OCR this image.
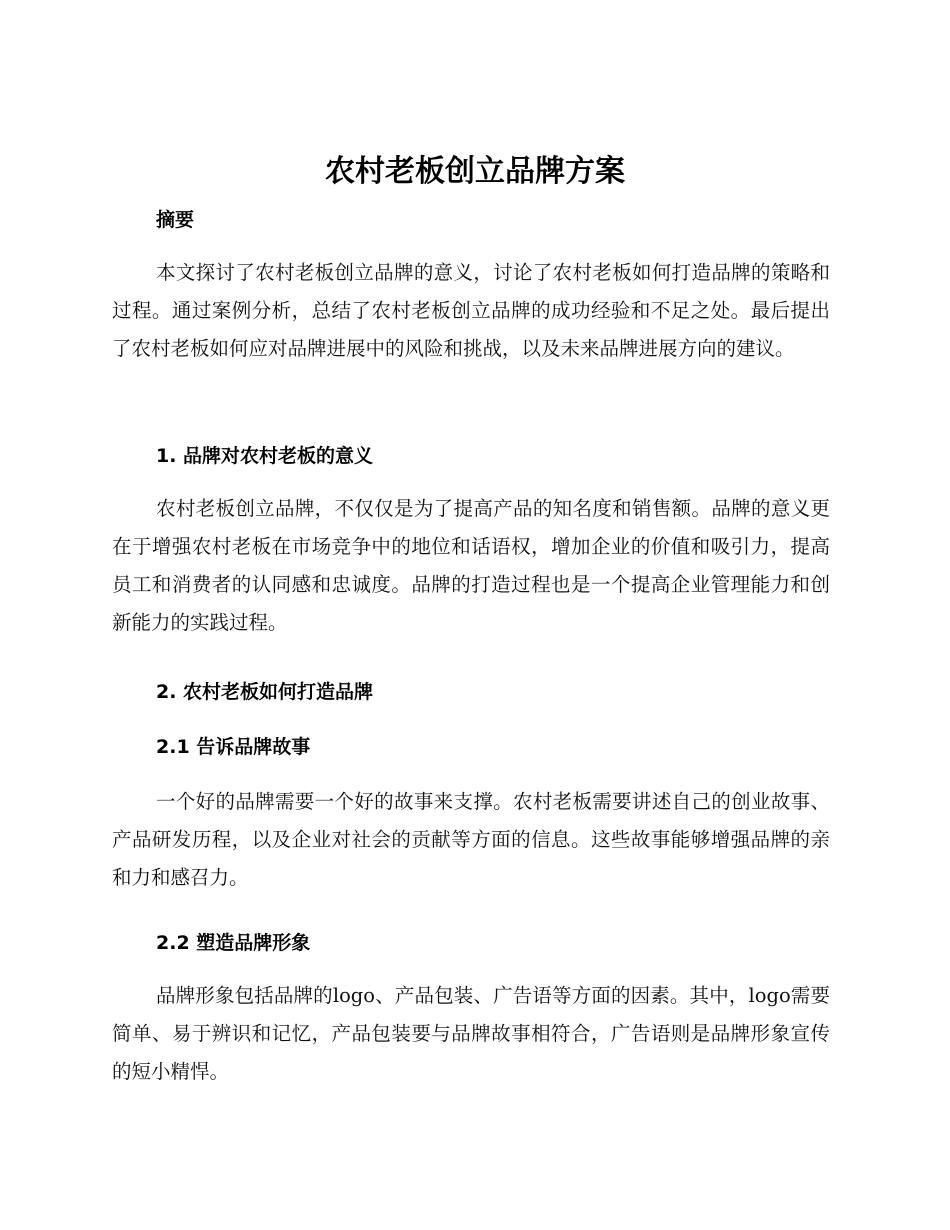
农村老板创立品牌方案
摘要

本文探讨了农村老板创立品牌的意义，讨论了农村老板如何打造品牌的策略和过程。通过案例分析，总结了农村老板创立品牌的成功经验和不足之处。最后提出了农村老板如何应对品牌进展中的风险和挑战，以及未来品牌进展方向的建议。

1. 品牌对农村老板的意义

农村老板创立品牌，不仅仅是为了提高产品的知名度和销售额。品牌的意义更在于增强农村老板在市场竞争中的地位和话语权，增加企业的价值和吸引力，提高员工和消费者的认同感和忠诚度。品牌的打造过程也是一个提高企业管理能力和创新能力的实践过程。

2. 农村老板如何打造品牌
2.1 告诉品牌故事

一个好的品牌需要一个好的故事来支撑。农村老板需要讲述自己的创业故事、产品研发历程，以及企业对社会的贡献等方面的信息。这些故事能够增强品牌的亲和力和感召力。

2.2 塑造品牌形象

品牌形象包括品牌的logo、产品包装、广告语等方面的因素。其中，logo需要简单、易于辨识和记忆，产品包装要与品牌故事相符合，广告语则是品牌形象宣传的短小精悍。
